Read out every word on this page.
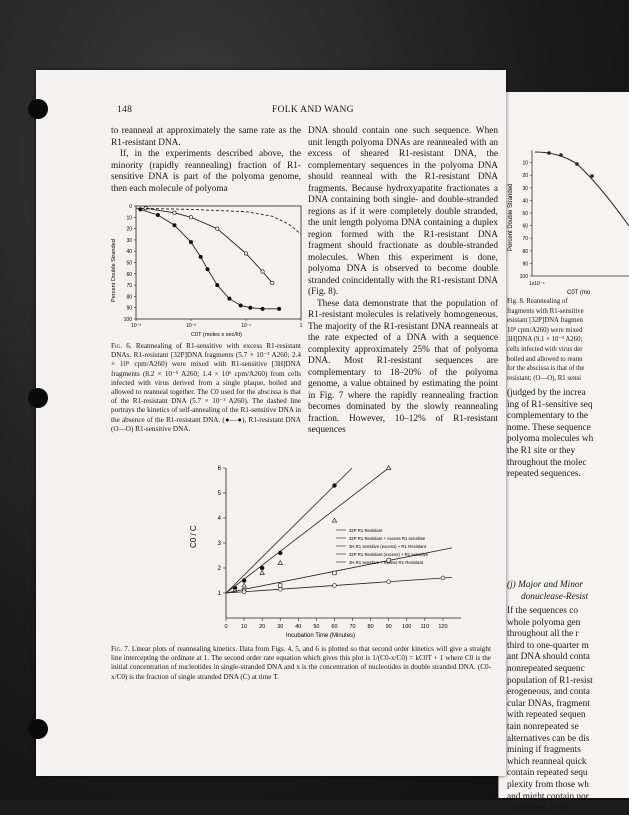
10
20
30
40
50
60
70
80
90
100
Percent Double Stranded
1x10⁻⁴
C0T (mo
Fig. 8. Reannealing of
fragments with R1-sensitive
esistant [32P]DNA fragmen
10⁵ cpm/A260) were mixed
3H]DNA (9.1 × 10⁻³ A260;
cells infected with virus der
boiled and allowed to reann
for the abscissa is that of the
resistant; (O—O), R1 sensi
(judged by the increa
ing of R1-sensitive seq
complementary to the
nome. These sequence
polyoma molecules wh
the R1 site or they
throughout the molec
repeated sequences.
(j) Major and Minor
donuclease-Resist
If the sequences co
whole polyoma gen
throughout all the r
third to one-quarter m
ant DNA should conta
nonrepeated sequenc
population of R1-resist
erogeneous, and conta
cular DNAs, fragment
with repeated sequen
tain nonrepeated se
alternatives can be dis
mining if fragments
which reanneal quick
contain repeated sequ
plexity from those wh
and might contain nor
Fragments of R1-re
148	FOLK AND WANG

to reanneal at approximately the same rate as the R1-resistant DNA.

If, in the experiments described above, the minority (rapidly reannealing) fraction of R1-sensitive DNA is part of the polyoma genome, then each molecule of polyoma

0
10
20
30
40
50
60
70
80
90
100
10⁻³	10⁻²	10⁻¹	1
Percent Double Stranded
C0T (moles x sec/lit)

Fig. 6. Reannealing of R1-sensitive with excess R1-resistant DNAs. R1-resistant [32P]DNA fragments (5.7 × 10⁻³ A260; 2.4 × 10⁵ cpm/A260) were mixed with R1-sensitive [3H]DNA fragments (8.2 × 10⁻⁵ A260; 1.4 × 10⁶ cpm/A260) from cells infected with virus derived from a single plaque, boiled and allowed to reanneal together. The C0 used for the abscissa is that of the R1-resistant DNA (5.7 × 10⁻³ A260). The dashed line portrays the kinetics of self-annealing of the R1-sensitive DNA in the absence of the R1-resistant DNA. (●—●), R1-resistant DNA (O—O) R1-sensitive DNA.

DNA should contain one such sequence. When unit length polyoma DNAs are reannealed with an excess of sheared R1-resistant DNA, the complementary sequences in the polyoma DNA should reanneal with the R1-resistant DNA fragments. Because hydroxyapatite fractionates a DNA containing both single- and double-stranded regions as if it were completely double stranded, the unit length polyoma DNA containing a duplex region formed with the R1-resistant DNA fragment should fractionate as double-stranded molecules. When this experiment is done, polyoma DNA is observed to become double stranded coincidentally with the R1-resistant DNA (Fig. 8).

These data demonstrate that the population of R1-resistant molecules is relatively homogeneous. The majority of the R1-resistant DNA reanneals at the rate expected of a DNA with a sequence complexity approximately 25% that of polyoma DNA. Most R1-resistant sequences are complementary to 18–20% of the polyoma genome, a value obtained by estimating the point in Fig. 7 where the rapidly reannealing fraction becomes dominated by the slowly reannealing fraction. However, 10–12% of R1-resistant sequences

1
2
3
4
5
6
0 10 20 30 40 50 60 70 80 90 100 110 120
32P R1 Resistant
32P R1 Resistant + excess R1 sensitive
3H R1 sensitive (excess) + R1 Resistant
32P R1 Resistant (excess) + R1 sensitive
3H R1 sensitive + excess R1 Resistant
C0 / C
Incubation Time (Minutes)

Fig. 7. Linear plots of reannealing kinetics. Data from Figs. 4, 5, and 6 is plotted so that second order kinetics will give a straight line intercepting the ordinate at 1. The second order rate equation which gives this plot is 1/(C0-x/C0) = kC0T + 1 where C0 is the initial concentration of nucleotides in single-stranded DNA and x is the concentration of nucleotides in double stranded DNA. (C0-x/C0) is the fraction of single stranded DNA (C) at time T.
